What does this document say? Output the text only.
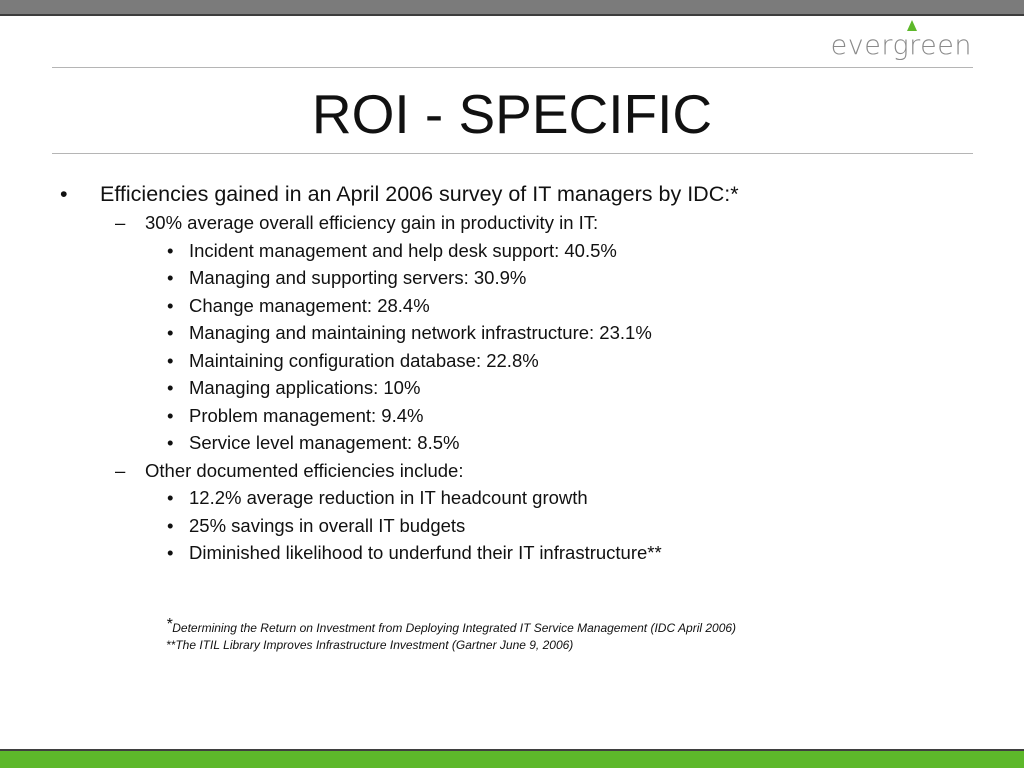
evergreen
ROI - SPECIFIC
• Efficiencies gained in an April 2006 survey of IT managers by IDC:*
– 30% average overall efficiency gain in productivity in IT:
• Incident management and help desk support: 40.5%
• Managing and supporting servers: 30.9%
• Change management: 28.4%
• Managing and maintaining network infrastructure: 23.1%
• Maintaining configuration database: 22.8%
• Managing applications: 10%
• Problem management: 9.4%
• Service level management: 8.5%
– Other documented efficiencies include:
• 12.2% average reduction in IT headcount growth
• 25% savings in overall IT budgets
• Diminished likelihood to underfund their IT infrastructure**
*Determining the Return on Investment from Deploying Integrated IT Service Management (IDC April 2006)
**The ITIL Library Improves Infrastructure Investment (Gartner June 9, 2006)
